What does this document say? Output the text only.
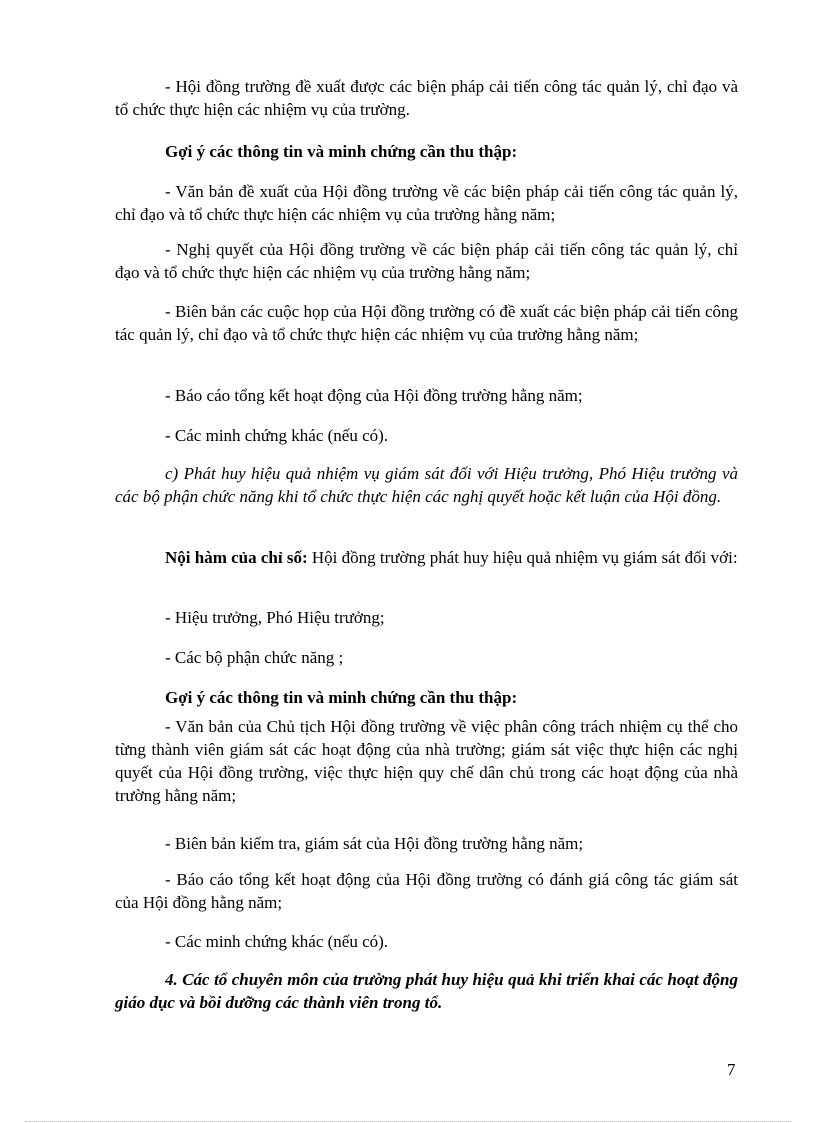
- Hội đồng trường đề xuất được các biện pháp cải tiến công tác quản lý, chỉ đạo và tổ chức thực hiện các nhiệm vụ của trường.

Gợi ý các thông tin và minh chứng cần thu thập:

- Văn bản đề xuất của Hội đồng trường về các biện pháp cải tiến công tác quản lý, chỉ đạo và tổ chức thực hiện các nhiệm vụ của trường hằng năm;

- Nghị quyết của Hội đồng trường về các biện pháp cải tiến công tác quản lý, chỉ đạo và tổ chức thực hiện các nhiệm vụ của trường hằng năm;

- Biên bản các cuộc họp của Hội đồng trường có đề xuất các biện pháp cải tiến công tác quản lý, chỉ đạo và tổ chức thực hiện các nhiệm vụ của trường hằng năm;

- Báo cáo tổng kết hoạt động của Hội đồng trường hằng năm;

- Các minh chứng khác (nếu có).

c) Phát huy hiệu quả nhiệm vụ giám sát đối với Hiệu trưởng, Phó Hiệu trưởng và các bộ phận chức năng khi tổ chức thực hiện các nghị quyết hoặc kết luận của Hội đồng.

Nội hàm của chỉ số: Hội đồng trường phát huy hiệu quả nhiệm vụ giám sát đối với:

- Hiệu trưởng, Phó Hiệu trưởng;

- Các bộ phận chức năng ;

Gợi ý các thông tin và minh chứng cần thu thập:

- Văn bản của Chủ tịch Hội đồng trường về việc phân công trách nhiệm cụ thể cho từng thành viên giám sát các hoạt động của nhà trường; giám sát việc thực hiện các nghị quyết của Hội đồng trường, việc thực hiện quy chế dân chủ trong các hoạt động của nhà trường hằng năm;

- Biên bản kiểm tra, giám sát của Hội đồng trường hằng năm;

- Báo cáo tổng kết hoạt động của Hội đồng trường có đánh giá công tác giám sát của Hội đồng hằng năm;

- Các minh chứng khác (nếu có).

4. Các tổ chuyên môn của trường phát huy hiệu quả khi triển khai các hoạt động giáo dục và bồi dưỡng các thành viên trong tổ.

7
